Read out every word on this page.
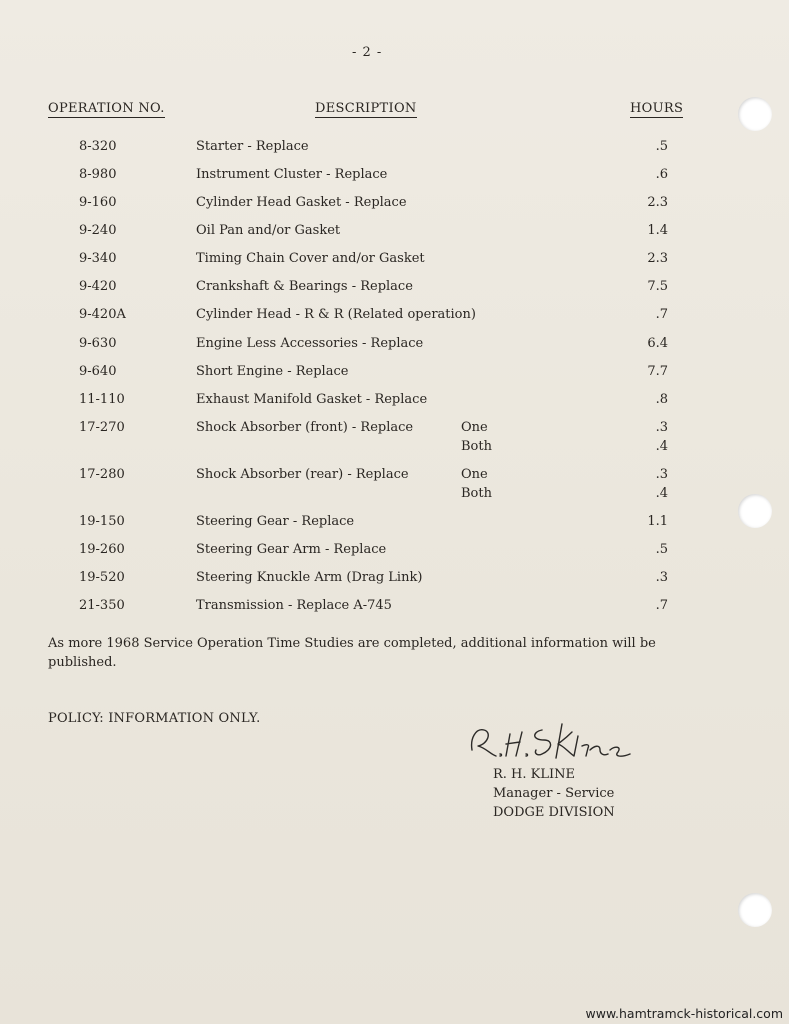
- 2 -
OPERATION NO.	DESCRIPTION	HOURS
8-320	Starter - Replace	.5
8-980	Instrument Cluster - Replace	.6
9-160	Cylinder Head Gasket - Replace	2.3
9-240	Oil Pan and/or Gasket	1.4
9-340	Timing Chain Cover and/or Gasket	2.3
9-420	Crankshaft & Bearings - Replace	7.5
9-420A	Cylinder Head - R & R (Related operation)	.7
9-630	Engine Less Accessories - Replace	6.4
9-640	Short Engine - Replace	7.7
11-110	Exhaust Manifold Gasket - Replace	.8
17-270	Shock Absorber (front) - Replace	One	.3
Both	.4
17-280	Shock Absorber (rear) - Replace	One	.3
Both	.4
19-150	Steering Gear - Replace	1.1
19-260	Steering Gear Arm - Replace	.5
19-520	Steering Knuckle Arm (Drag Link)	.3
21-350	Transmission - Replace A-745	.7
As more 1968 Service Operation Time Studies are completed, additional information will be published.
POLICY: INFORMATION ONLY.
R. H. KLINE
Manager - Service
DODGE DIVISION
www.hamtramck-historical.com
